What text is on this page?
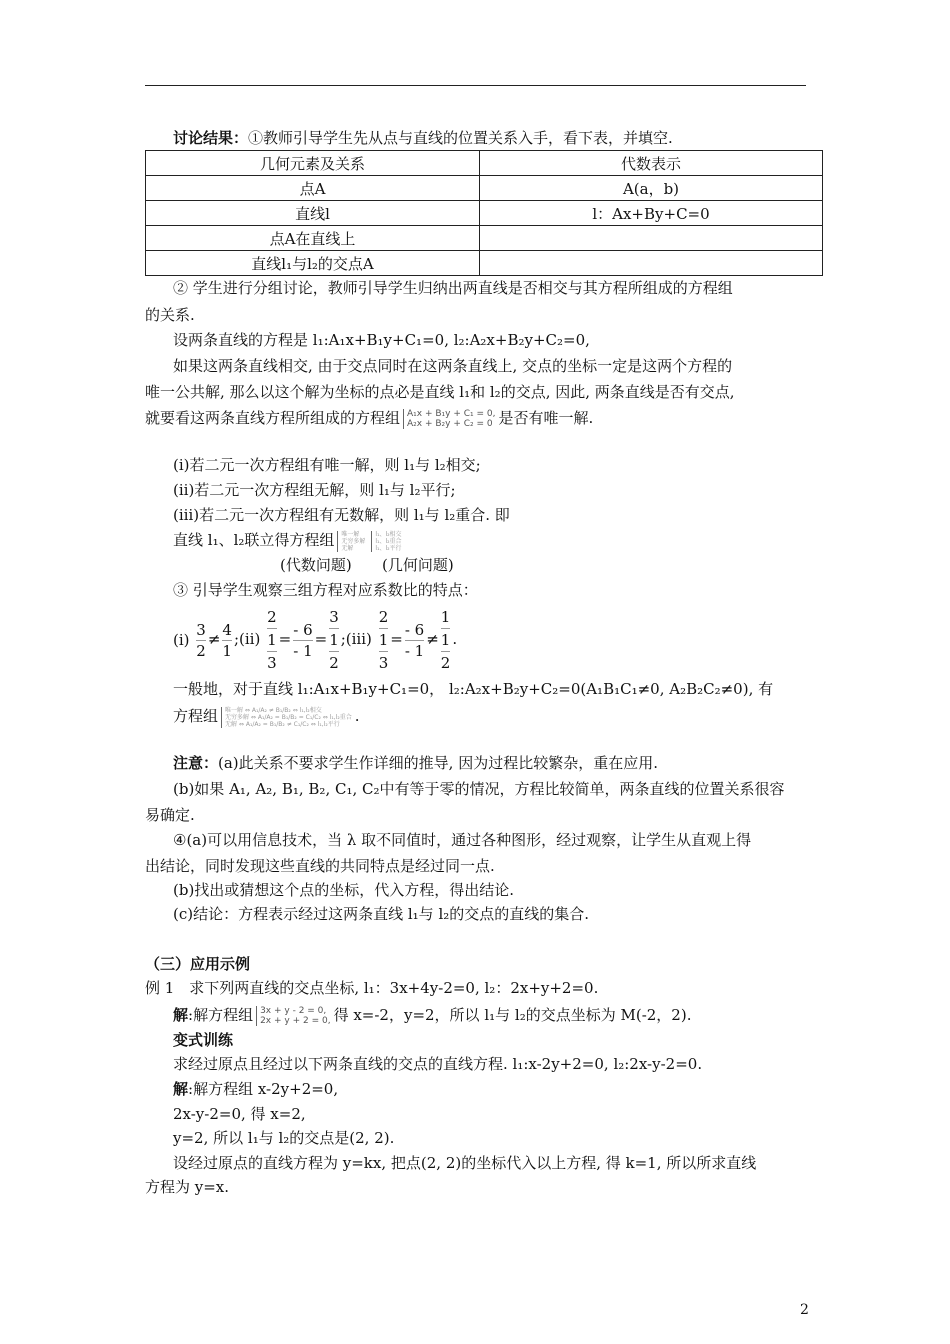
讨论结果：①教师引导学生先从点与直线的位置关系入手，看下表，并填空.
几何元素及关系	代数表示
点A	A(a，b)
直线l	l：Ax+By+C=0
点A在直线上	
直线l₁与l₂的交点A	
② 学生进行分组讨论，教师引导学生归纳出两直线是否相交与其方程所组成的方程组
的关系.
设两条直线的方程是 l₁:A₁x+B₁y+C₁=0, l₂:A₂x+B₂y+C₂=0,
如果这两条直线相交, 由于交点同时在这两条直线上, 交点的坐标一定是这两个方程的
唯一公共解, 那么以这个解为坐标的点必是直线 l₁和 l₂的交点, 因此, 两条直线是否有交点,
就要看这两条直线方程所组成的方程组 A₁x + B₁y + C₁ = 0,
A₂x + B₂y + C₂ = 0 是否有唯一解.
(ⅰ)若二元一次方程组有唯一解，则 l₁与 l₂相交;
(ⅱ)若二元一次方程组无解，则 l₁与 l₂平行;
(ⅲ)若二元一次方程组有无数解，则 l₁与 l₂重合. 即
直线 l₁、l₂联立得方程组 唯一解
无穷多解
无解
l₁、l₂相交
l₁、l₂重合
l₁、l₂平行
(代数问题) (几何问题)
③ 引导学生观察三组方程对应系数比的特点：
(ⅰ) $\frac{3}{2} \ne \frac{4}{1}$ ;(ⅱ)
2
1
3
= $\frac{- 6}{- 1}$ =
3
1
2
;(ⅲ)
2
1
3
= $\frac{- 6}{- 1}$ ≠
1
1
2
.
一般地，对于直线 l₁:A₁x+B₁y+C₁=0， l₂:A₂x+B₂y+C₂=0(A₁B₁C₁≠0, A₂B₂C₂≠0), 有
方程组 唯一解 ⇔ A₁/A₂ ≠ B₁/B₂ ⇔ l₁,l₂相交
无穷多解 ⇔ A₁/A₂ = B₁/B₂ = C₁/C₂ ⇔ l₁,l₂重合
无解 ⇔ A₁/A₂ = B₁/B₂ ≠ C₁/C₂ ⇔ l₁,l₂平行	.
注意：(a)此关系不要求学生作详细的推导, 因为过程比较繁杂，重在应用.
(b)如果 A₁, A₂, B₁, B₂, C₁, C₂中有等于零的情况，方程比较简单，两条直线的位置关系很容
易确定.
④(a)可以用信息技术，当 λ 取不同值时，通过各种图形，经过观察，让学生从直观上得
出结论，同时发现这些直线的共同特点是经过同一点.
(b)找出或猜想这个点的坐标，代入方程，得出结论.
(c)结论：方程表示经过这两条直线 l₁与 l₂的交点的直线的集合.
（三）应用示例
例 1　求下列两直线的交点坐标, l₁：3x+4y-2=0, l₂：2x+y+2=0.
解:解方程组 3x + y - 2 = 0,
2x + y + 2 = 0, 得 x=-2，y=2，所以 l₁与 l₂的交点坐标为 M(-2，2).
变式训练
求经过原点且经过以下两条直线的交点的直线方程. l₁:x-2y+2=0, l₂:2x-y-2=0.
解:解方程组 x-2y+2=0,
2x-y-2=0, 得 x=2,
y=2, 所以 l₁与 l₂的交点是(2, 2).
设经过原点的直线方程为 y=kx, 把点(2, 2)的坐标代入以上方程, 得 k=1, 所以所求直线
方程为 y=x.
2
